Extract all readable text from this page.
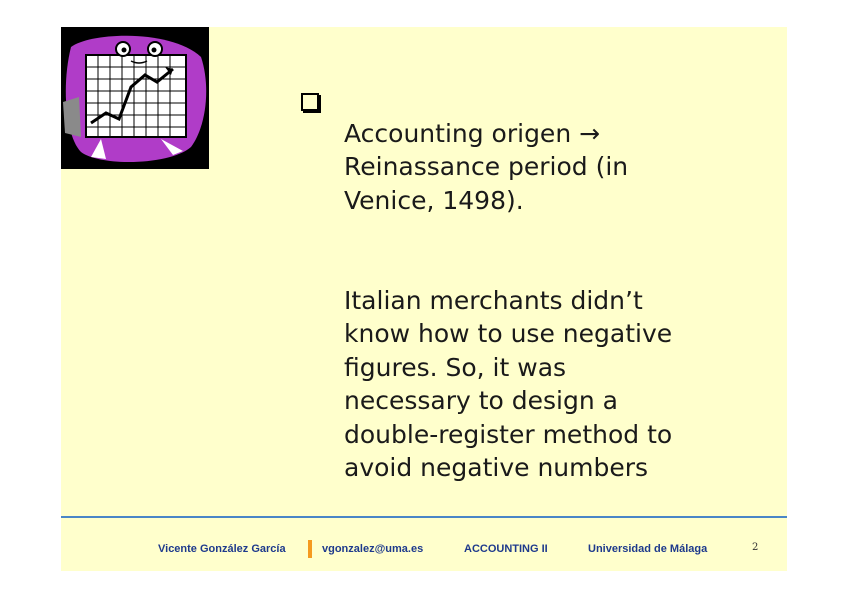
Accounting origen →
Reinassance period (in
Venice, 1498).

Italian merchants didn’t
know how to use negative
figures. So, it was
necessary to design a
double-register method to
avoid negative numbers

Vicente González García	vgonzalez@uma.es	ACCOUNTING II	Universidad de Málaga	2
